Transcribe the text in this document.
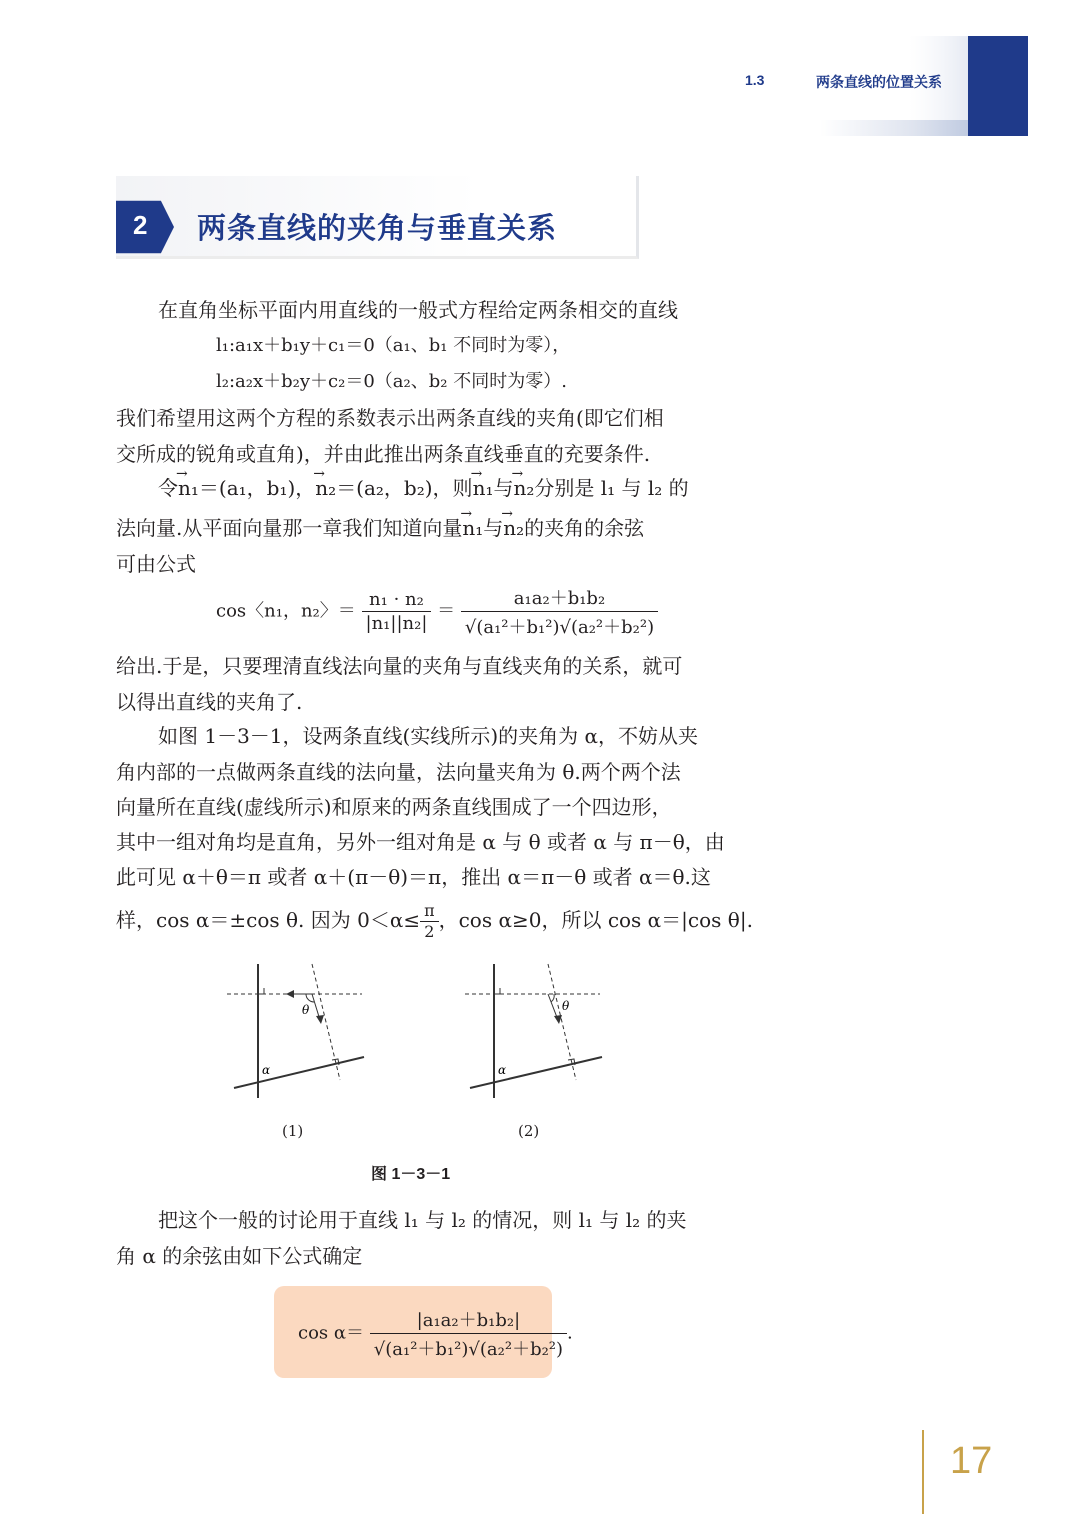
1.3	两条直线的位置关系
2 两条直线的夹角与垂直关系
在直角坐标平面内用直线的一般式方程给定两条相交的直线
l₁:a₁x＋b₁y＋c₁＝0（a₁、b₁ 不同时为零），
l₂:a₂x＋b₂y＋c₂＝0（a₂、b₂ 不同时为零）.
我们希望用这两个方程的系数表示出两条直线的夹角(即它们相
交所成的锐角或直角)，并由此推出两条直线垂直的充要条件.
令→ n₁＝(a₁，b₁)，→ n₂＝(a₂，b₂)，则→ n₁与→ n₂分别是 l₁ 与 l₂ 的
法向量.从平面向量那一章我们知道向量→ n₁与→ n₂的夹角的余弦
可由公式
cos〈n₁，n₂〉＝ $\frac{\text{n₁ · n₂}}{\text{|n₁||n₂|}} = \frac{\text{a₁a₂＋b₁b₂}}{\text{√(a₁²＋b₁²)√(a₂²＋b₂²)}}$
给出.于是，只要理清直线法向量的夹角与直线夹角的关系，就可
以得出直线的夹角了.
如图 1－3－1，设两条直线(实线所示)的夹角为 α，不妨从夹
角内部的一点做两条直线的法向量，法向量夹角为 θ.两个两个法
向量所在直线(虚线所示)和原来的两条直线围成了一个四边形，
其中一组对角均是直角，另外一组对角是 α 与 θ 或者 α 与 π－θ，由
此可见 α＋θ＝π 或者 α＋(π－θ)＝π，推出 α＝π－θ 或者 α＝θ.这
样，cos α＝±cos θ. 因为 $0<\alpha\le \frac{\pi}{2}$ ，cos α≥0，所以 cos α＝|cos θ|.
θ
α
(1)
θ
α
(2)
图 1－3－1
把这个一般的讨论用于直线 l₁ 与 l₂ 的情况，则 l₁ 与 l₂ 的夹
角 α 的余弦由如下公式确定
$\cos \alpha= \frac{\text{|a₁a₂＋b₁b₂|}}{\text{√(a₁²＋b₁²)√(a₂²＋b₂²)}}$ .
17
